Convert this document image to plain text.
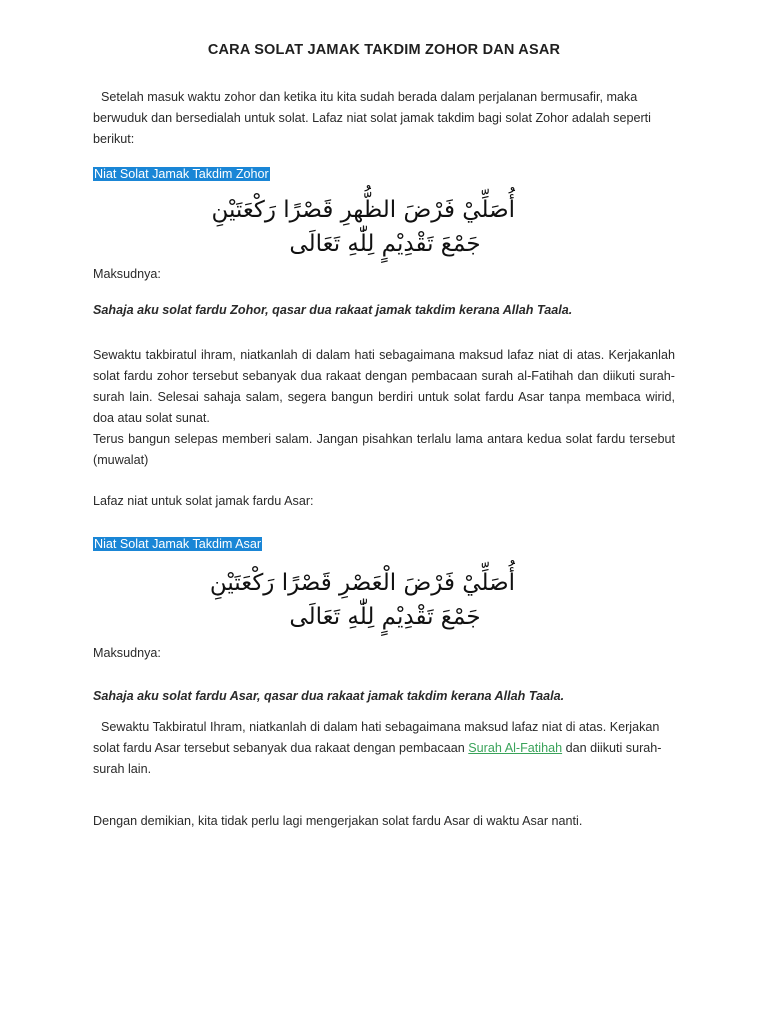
CARA SOLAT JAMAK TAKDIM ZOHOR DAN ASAR
Setelah masuk waktu zohor dan ketika itu kita sudah berada dalam perjalanan bermusafir, maka berwuduk dan bersedialah untuk solat. Lafaz niat solat jamak takdim bagi solat Zohor adalah seperti berikut:
Niat Solat Jamak Takdim Zohor
أُصَلِّيْ فَرْضَ الظُّهرِ قَصْرًا رَكْعَتَيْنِ
جَمْعَ تَقْدِيْمٍ لِلّٰهِ تَعَالَى
Maksudnya:
Sahaja aku solat fardu Zohor, qasar dua rakaat jamak takdim kerana Allah Taala.
Sewaktu takbiratul ihram, niatkanlah di dalam hati sebagaimana maksud lafaz niat di atas. Kerjakanlah solat fardu zohor tersebut sebanyak dua rakaat dengan pembacaan surah al-Fatihah dan diikuti surah-surah lain. Selesai sahaja salam, segera bangun berdiri untuk solat fardu Asar tanpa membaca wirid, doa atau solat sunat.
Terus bangun selepas memberi salam. Jangan pisahkan terlalu lama antara kedua solat fardu tersebut (muwalat)
Lafaz niat untuk solat jamak fardu Asar:
Niat Solat Jamak Takdim Asar
أُصَلِّيْ فَرْضَ الْعَصْرِ قَصْرًا رَكْعَتَيْنِ
جَمْعَ تَقْدِيْمٍ لِلّٰهِ تَعَالَى
Maksudnya:
Sahaja aku solat fardu Asar, qasar dua rakaat jamak takdim kerana Allah Taala.
Sewaktu Takbiratul Ihram, niatkanlah di dalam hati sebagaimana maksud lafaz niat di atas. Kerjakan solat fardu Asar tersebut sebanyak dua rakaat dengan pembacaan Surah Al-Fatihah dan diikuti surah-surah lain.
Dengan demikian, kita tidak perlu lagi mengerjakan solat fardu Asar di waktu Asar nanti.
